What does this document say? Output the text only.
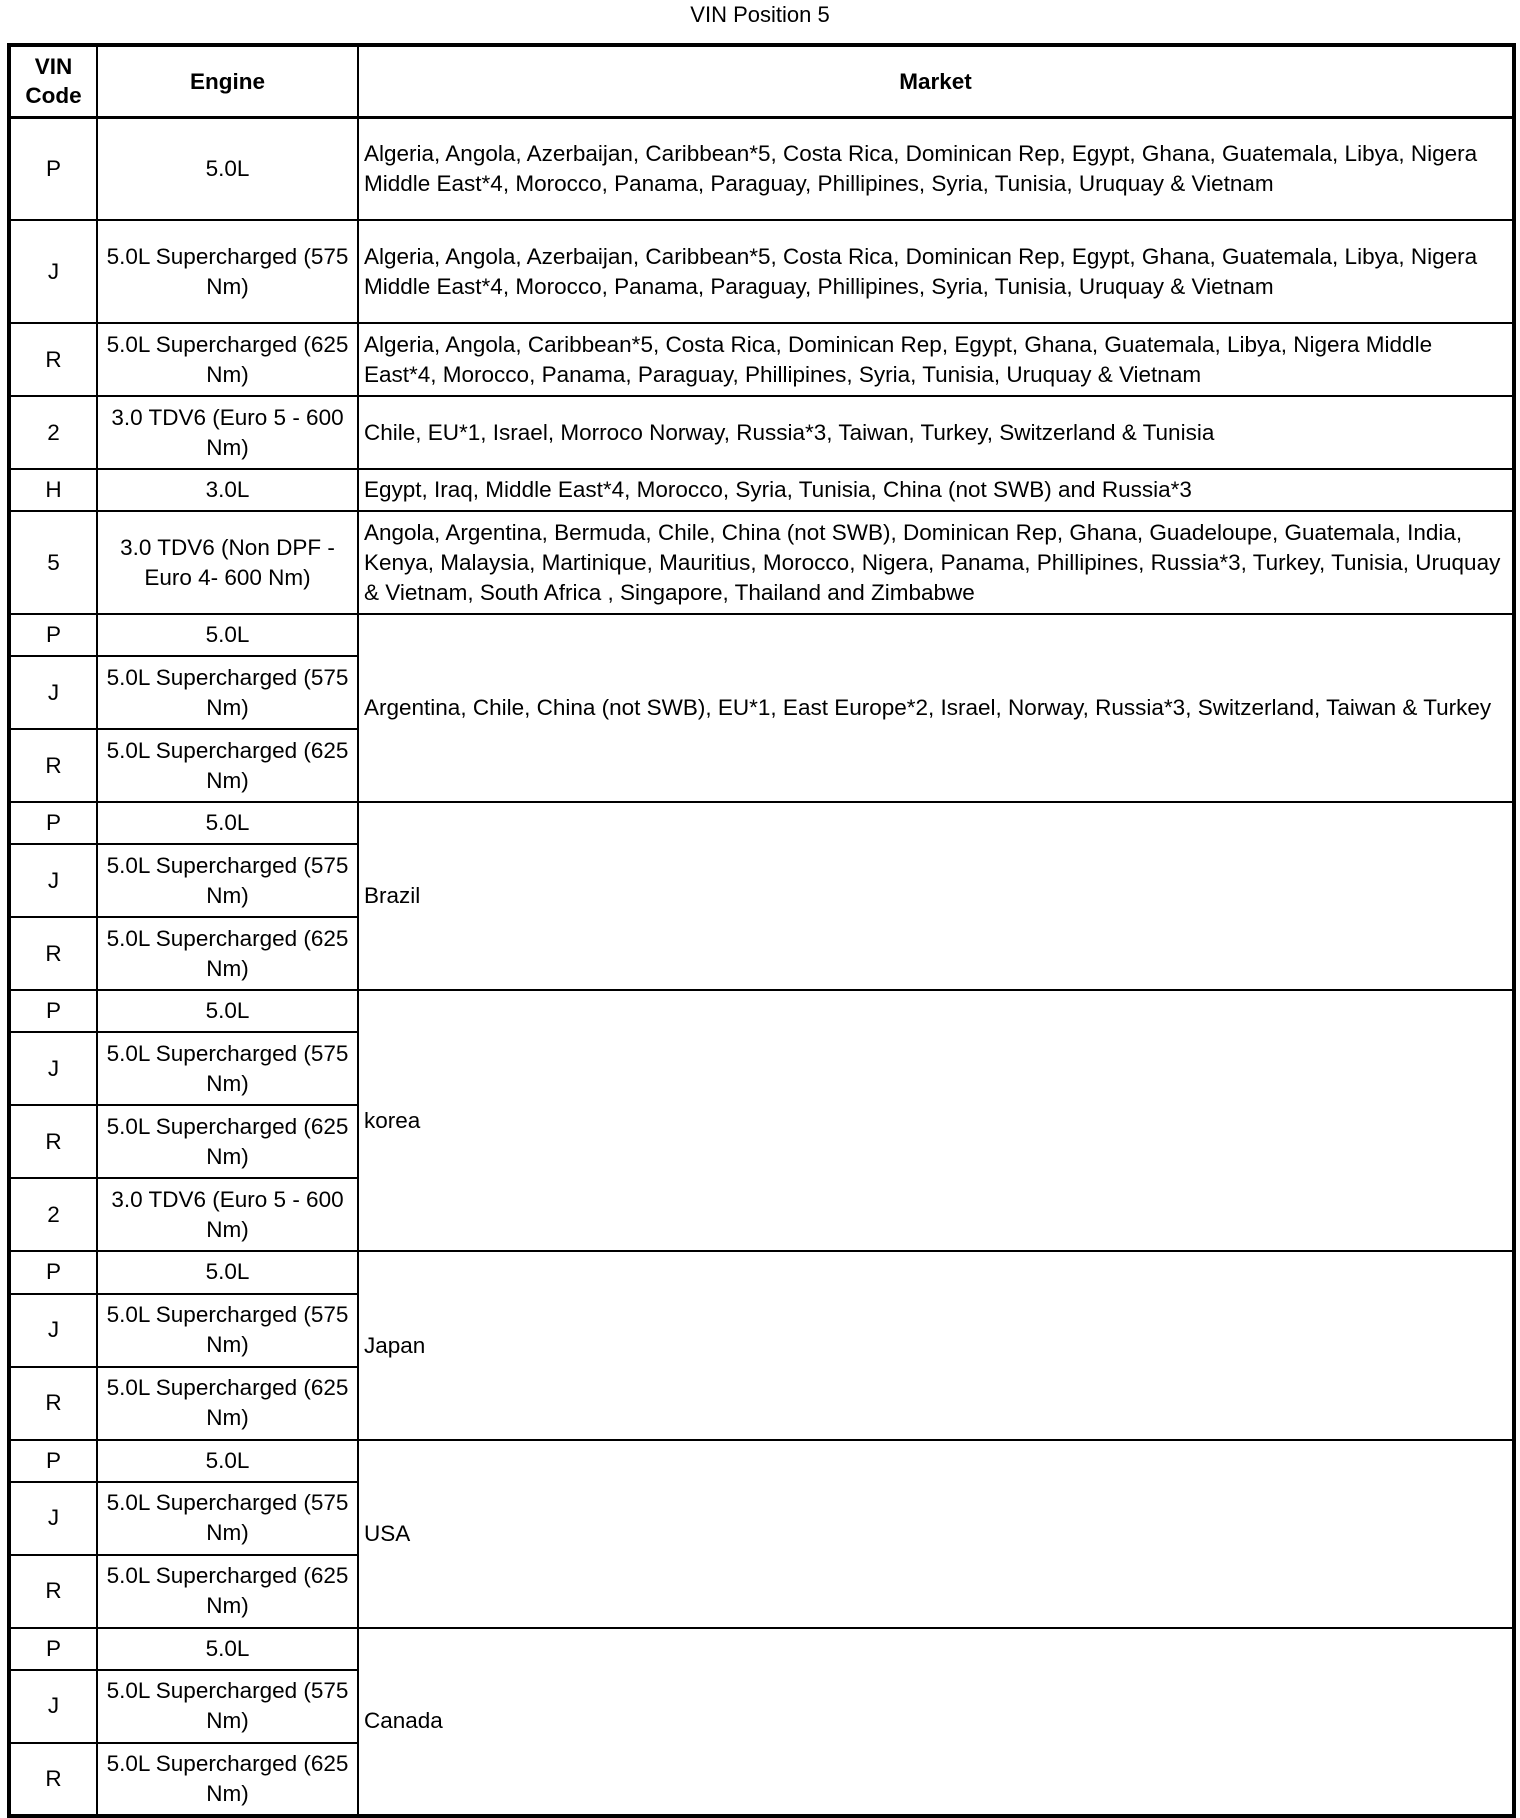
VIN Position 5
VIN Code	Engine	Market
P	5.0L	Algeria, Angola, Azerbaijan, Caribbean*5, Costa Rica, Dominican Rep, Egypt, Ghana, Guatemala, Libya, Nigera Middle East*4, Morocco, Panama, Paraguay, Phillipines, Syria, Tunisia, Uruquay & Vietnam
J	5.0L Supercharged (575 Nm)	Algeria, Angola, Azerbaijan, Caribbean*5, Costa Rica, Dominican Rep, Egypt, Ghana, Guatemala, Libya, Nigera Middle East*4, Morocco, Panama, Paraguay, Phillipines, Syria, Tunisia, Uruquay & Vietnam
R	5.0L Supercharged (625 Nm)	Algeria, Angola, Caribbean*5, Costa Rica, Dominican Rep, Egypt, Ghana, Guatemala, Libya, Nigera Middle East*4, Morocco, Panama, Paraguay, Phillipines, Syria, Tunisia, Uruquay & Vietnam
2	3.0 TDV6 (Euro 5 - 600 Nm)	Chile, EU*1, Israel, Morroco Norway, Russia*3, Taiwan, Turkey, Switzerland & Tunisia
H	3.0L	Egypt, Iraq, Middle East*4, Morocco, Syria, Tunisia, China (not SWB) and Russia*3
5	3.0 TDV6 (Non DPF - Euro 4- 600 Nm)	Angola, Argentina, Bermuda, Chile, China (not SWB), Dominican Rep, Ghana, Guadeloupe, Guatemala, India, Kenya, Malaysia, Martinique, Mauritius, Morocco, Nigera, Panama, Phillipines, Russia*3, Turkey, Tunisia, Uruquay & Vietnam, South Africa , Singapore, Thailand and Zimbabwe
P	5.0L	Argentina, Chile, China (not SWB), EU*1, East Europe*2, Israel, Norway, Russia*3, Switzerland, Taiwan & Turkey
J	5.0L Supercharged (575 Nm)	
R	5.0L Supercharged (625 Nm)	
P	5.0L	Brazil
J	5.0L Supercharged (575 Nm)	
R	5.0L Supercharged (625 Nm)	
P	5.0L	korea
J	5.0L Supercharged (575 Nm)	
R	5.0L Supercharged (625 Nm)	
2	3.0 TDV6 (Euro 5 - 600 Nm)	
P	5.0L	Japan
J	5.0L Supercharged (575 Nm)	
R	5.0L Supercharged (625 Nm)	
P	5.0L	USA
J	5.0L Supercharged (575 Nm)	
R	5.0L Supercharged (625 Nm)	
P	5.0L	Canada
J	5.0L Supercharged (575 Nm)	
R	5.0L Supercharged (625 Nm)	
